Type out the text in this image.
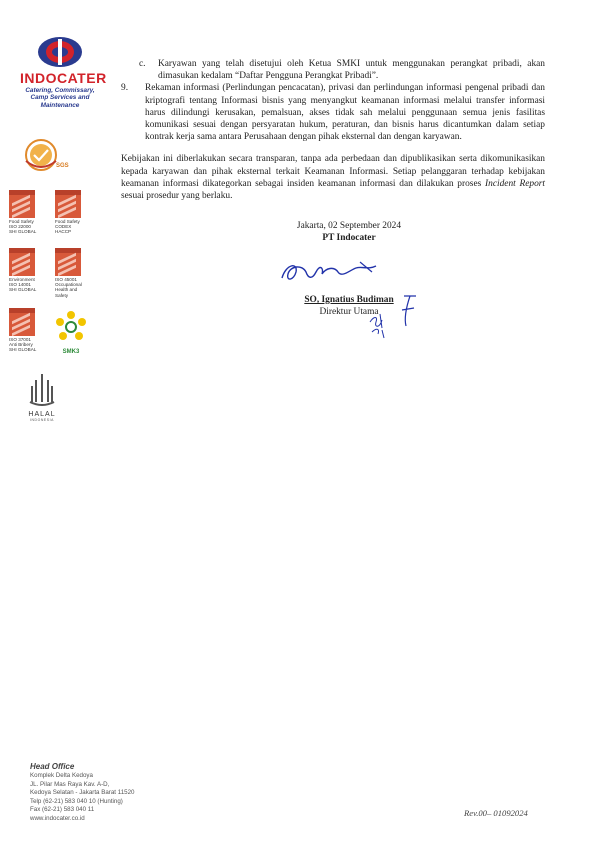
INDOCATER
Catering, Commissary,
Camp Services and
Maintenance
SGS
Food Safety
ISO 22000
SHI GLOBAL
Food Safety
CODEX
HACCP
Environment
ISO 14001
SHI GLOBAL
ISO 45001
Occupational
Health and
Safety
ISO 37001
Anti Bribery
SHI GLOBAL	SMK3
HALAL
INDONESIA
c. Karyawan yang telah disetujui oleh Ketua SMKI untuk menggunakan perangkat pribadi, akan dimasukan kedalam “Daftar Pengguna Perangkat Pribadi”.
9. Rekaman informasi (Perlindungan pencacatan), privasi dan perlindungan informasi pengenal pribadi dan kriptografi tentang Informasi bisnis yang menyangkut keamanan informasi melalui transfer informasi harus dilindungi kerusakan, pemalsuan, akses tidak sah melalui penggunaan semua jenis fasilitas komunikasi sesuai dengan persyaratan hukum, peraturan, dan bisnis harus dicantumkan dalam setiap kontrak kerja sama antara Perusahaan dengan pihak eksternal dan dengan karyawan.
Kebijakan ini diberlakukan secara transparan, tanpa ada perbedaan dan dipublikasikan serta dikomunikasikan kepada karyawan dan pihak eksternal terkait Keamanan Informasi. Setiap pelanggaran terhadap kebijakan keamanan informasi dikategorkan sebagai insiden keamanan informasi dan dilakukan proses Incident Report sesuai prosedur yang berlaku.
Jakarta, 02 September 2024
PT Indocater
SO, Ignatius Budiman
Direktur Utama
Head Office
Komplek Delta Kedoya
JL. Pilar Mas Raya Kav. A-D,
Kedoya Selatan - Jakarta Barat 11520
Telp (62-21) 583 040 10 (Hunting)
Fax (62-21) 583 040 11
www.indocater.co.id
Rev.00– 01092024
